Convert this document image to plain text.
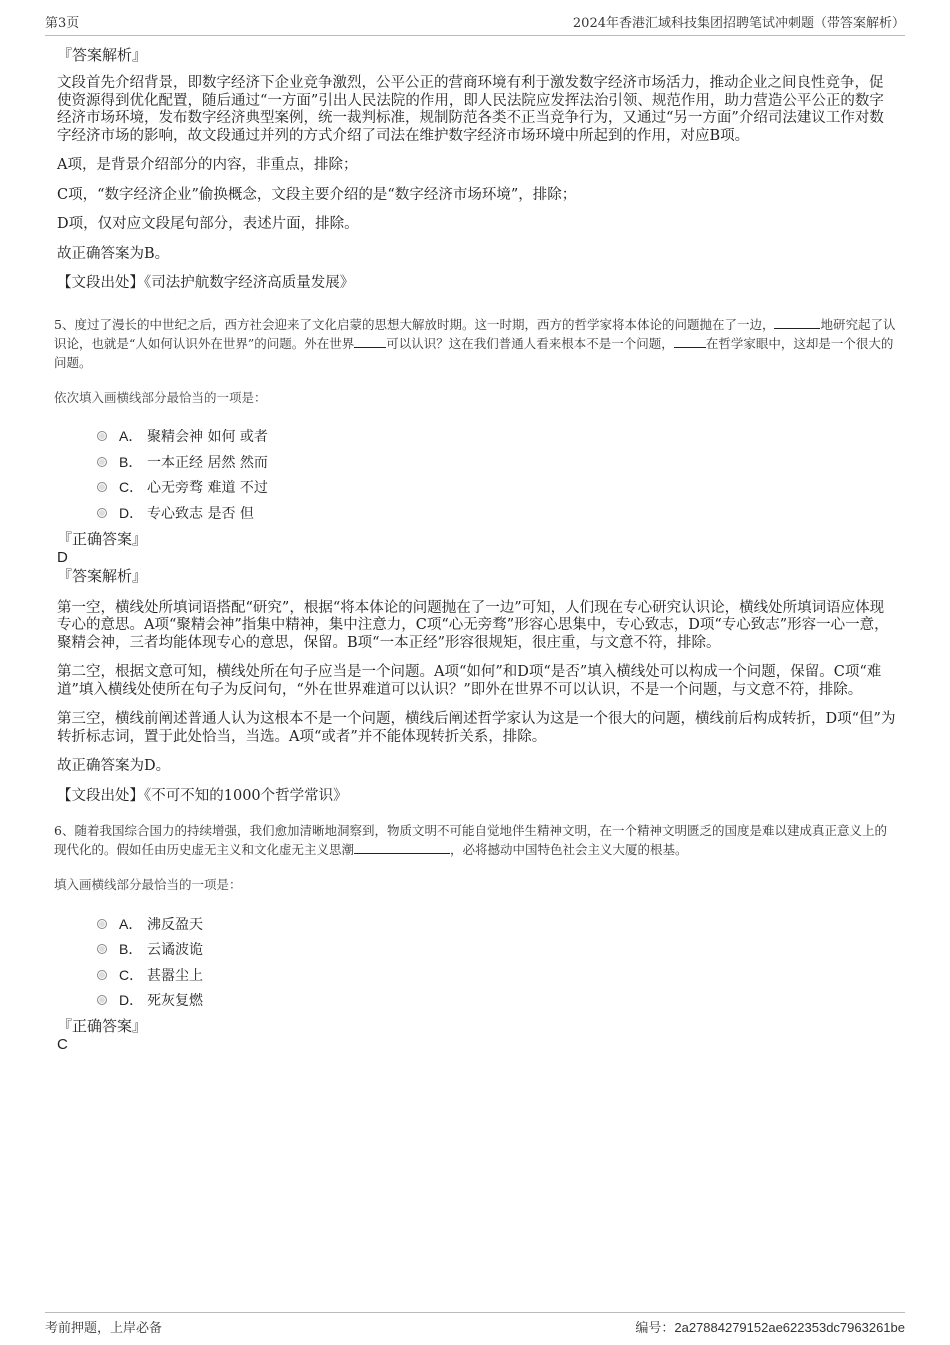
第3页	2024年香港汇域科技集团招聘笔试冲刺题（带答案解析）
『答案解析』

文段首先介绍背景，即数字经济下企业竞争激烈，公平公正的营商环境有利于激发数字经济市场活力，推动企业之间良性竞争，促使资源得到优化配置，随后通过“一方面”引出人民法院的作用，即人民法院应发挥法治引领、规范作用，助力营造公平公正的数字经济市场环境，发布数字经济典型案例，统一裁判标准，规制防范各类不正当竞争行为，又通过“另一方面”介绍司法建议工作对数字经济市场的影响，故文段通过并列的方式介绍了司法在维护数字经济市场环境中所起到的作用，对应B项。

A项，是背景介绍部分的内容，非重点，排除；

C项，“数字经济企业”偷换概念，文段主要介绍的是“数字经济市场环境”，排除；

D项，仅对应文段尾句部分，表述片面，排除。

故正确答案为B。

【文段出处】《司法护航数字经济高质量发展》

5、度过了漫长的中世纪之后，西方社会迎来了文化启蒙的思想大解放时期。这一时期，西方的哲学家将本体论的问题抛在了一边，	地研究起了认识论，也就是“人如何认识外在世界”的问题。外在世界	可以认识？这在我们普通人看来根本不是一个问题，	在哲学家眼中，这却是一个很大的问题。

依次填入画横线部分最恰当的一项是：

A． 聚精会神 如何 或者
B． 一本正经 居然 然而
C． 心无旁骛 难道 不过
D． 专心致志 是否 但
『正确答案』
D
『答案解析』

第一空，横线处所填词语搭配“研究”，根据“将本体论的问题抛在了一边”可知，人们现在专心研究认识论，横线处所填词语应体现专心的意思。A项“聚精会神”指集中精神，集中注意力，C项“心无旁骛”形容心思集中，专心致志，D项“专心致志”形容一心一意，聚精会神，三者均能体现专心的意思，保留。B项“一本正经”形容很规矩，很庄重，与文意不符，排除。

第二空，根据文意可知，横线处所在句子应当是一个问题。A项“如何”和D项“是否”填入横线处可以构成一个问题，保留。C项“难道”填入横线处使所在句子为反问句，“外在世界难道可以认识？”即外在世界不可以认识，不是一个问题，与文意不符，排除。

第三空，横线前阐述普通人认为这根本不是一个问题，横线后阐述哲学家认为这是一个很大的问题，横线前后构成转折，D项“但”为转折标志词，置于此处恰当，当选。A项“或者”并不能体现转折关系，排除。

故正确答案为D。

【文段出处】《不可不知的1000个哲学常识》

6、随着我国综合国力的持续增强，我们愈加清晰地洞察到，物质文明不可能自觉地伴生精神文明，在一个精神文明匮乏的国度是难以建成真正意义上的现代化的。假如任由历史虚无主义和文化虚无主义思潮	，必将撼动中国特色社会主义大厦的根基。

填入画横线部分最恰当的一项是：

A． 沸反盈天
B． 云谲波诡
C． 甚嚣尘上
D． 死灰复燃
『正确答案』
C
考前押题，上岸必备	编号：2a27884279152ae622353dc7963261be
